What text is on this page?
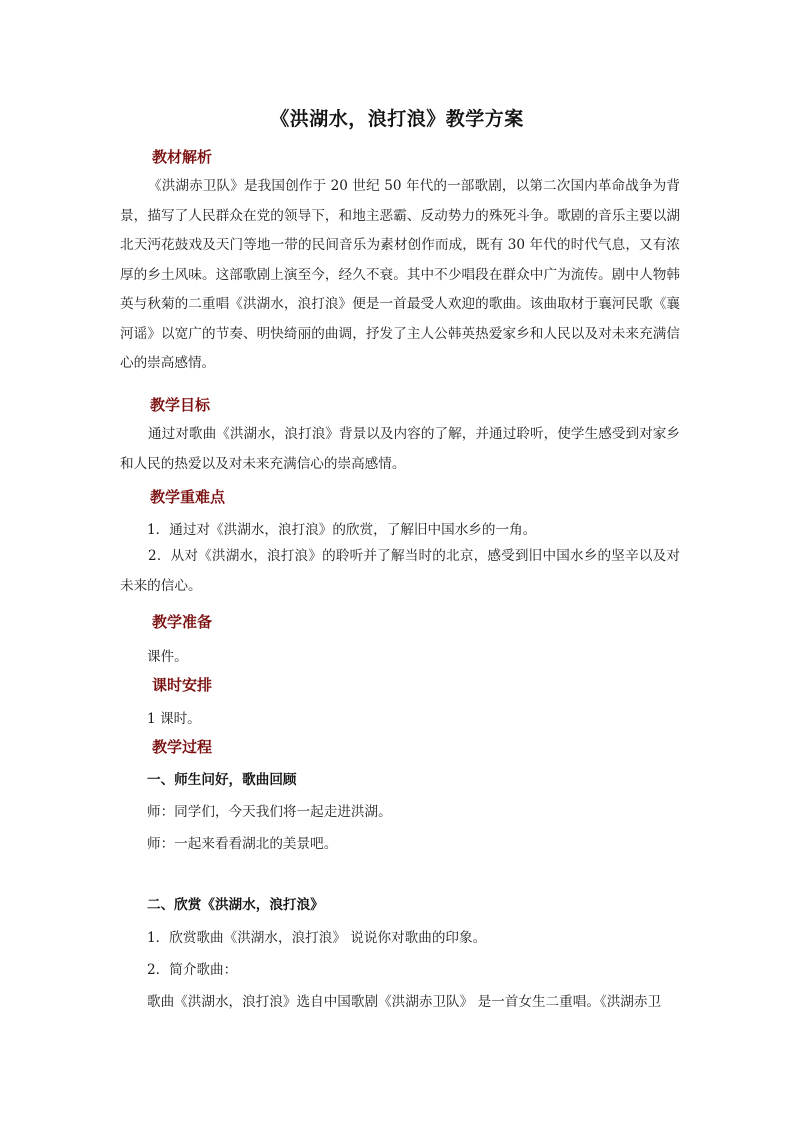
《洪湖水，浪打浪》教学方案
教材解析
《洪湖赤卫队》是我国创作于 20 世纪 50 年代的一部歌剧，以第二次国内革命战争为背景，描写了人民群众在党的领导下，和地主恶霸、反动势力的殊死斗争。歌剧的音乐主要以湖北天沔花鼓戏及天门等地一带的民间音乐为素材创作而成，既有 30 年代的时代气息，又有浓厚的乡土风味。这部歌剧上演至今，经久不衰。其中不少唱段在群众中广为流传。剧中人物韩英与秋菊的二重唱《洪湖水，浪打浪》便是一首最受人欢迎的歌曲。该曲取材于襄河民歌《襄河谣》以宽广的节奏、明快绮丽的曲调，抒发了主人公韩英热爱家乡和人民以及对未来充满信心的崇高感情。
教学目标
通过对歌曲《洪湖水，浪打浪》背景以及内容的了解，并通过聆听，使学生感受到对家乡和人民的热爱以及对未来充满信心的崇高感情。
教学重难点
1．通过对《洪湖水，浪打浪》的欣赏，了解旧中国水乡的一角。
2．从对《洪湖水，浪打浪》的聆听并了解当时的北京，感受到旧中国水乡的坚辛以及对未来的信心。
教学准备
课件。
课时安排
1 课时。
教学过程
一、师生问好，歌曲回顾
师：同学们，今天我们将一起走进洪湖。
师：一起来看看湖北的美景吧。
二、欣赏《洪湖水，浪打浪》
1．欣赏歌曲《洪湖水，浪打浪》 说说你对歌曲的印象。
2．简介歌曲：
歌曲《洪湖水，浪打浪》选自中国歌剧《洪湖赤卫队》 是一首女生二重唱。《洪湖赤卫
